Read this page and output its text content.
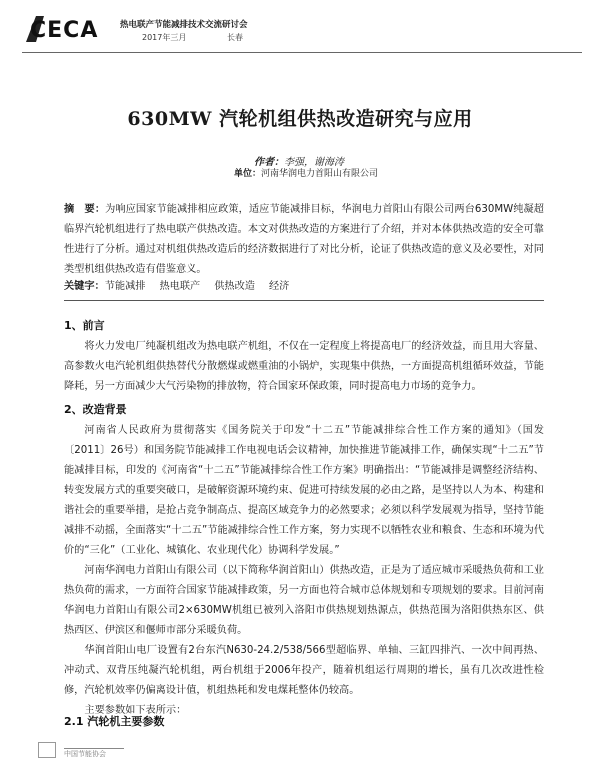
CECA	热电联产节能减排技术交流研讨会
2017年三月	长春
630MW 汽轮机组供热改造研究与应用
作者：李强，谢海涛
单位：河南华润电力首阳山有限公司
摘　要：为响应国家节能减排相应政策，适应节能减排目标，华润电力首阳山有限公司两台630MW纯凝超临界汽轮机组进行了热电联产供热改造。本文对供热改造的方案进行了介绍，并对本体供热改造的安全可靠性进行了分析。通过对机组供热改造后的经济数据进行了对比分析，论证了供热改造的意义及必要性，对同类型机组供热改造有借鉴意义。
关键字：节能减排 热电联产 供热改造 经济
1、前言

将火力发电厂纯凝机组改为热电联产机组，不仅在一定程度上将提高电厂的经济效益，而且用大容量、高参数火电汽轮机组供热替代分散燃煤或燃重油的小锅炉，实现集中供热，一方面提高机组循环效益，节能降耗，另一方面减少大气污染物的排放物，符合国家环保政策，同时提高电力市场的竞争力。

2、改造背景

河南省人民政府为贯彻落实《国务院关于印发“十二五”节能减排综合性工作方案的通知》（国发〔2011〕26号）和国务院节能减排工作电视电话会议精神，加快推进节能减排工作，确保实现“十二五”节能减排目标，印发的《河南省“十二五”节能减排综合性工作方案》明确指出：“节能减排是调整经济结构、转变发展方式的重要突破口，是破解资源环境约束、促进可持续发展的必由之路，是坚持以人为本、构建和谐社会的重要举措，是抢占竞争制高点、提高区域竞争力的必然要求；必须以科学发展观为指导，坚持节能减排不动摇，全面落实“十二五”节能减排综合性工作方案，努力实现不以牺牲农业和粮食、生态和环境为代价的“三化”（工业化、城镇化、农业现代化）协调科学发展。”

河南华润电力首阳山有限公司（以下简称华润首阳山）供热改造，正是为了适应城市采暖热负荷和工业热负荷的需求，一方面符合国家节能减排政策，另一方面也符合城市总体规划和专项规划的要求。目前河南华润电力首阳山有限公司2×630MW机组已被列入洛阳市供热规划热源点，供热范围为洛阳供热东区、供热西区、伊滨区和偃师市部分采暖负荷。

华润首阳山电厂设置有2台东汽N630-24.2/538/566型超临界、单轴、三缸四排汽、一次中间再热、冲动式、双背压纯凝汽轮机组，两台机组于2006年投产，随着机组运行周期的增长，虽有几次改进性检修，汽轮机效率仍偏离设计值，机组热耗和发电煤耗整体仍较高。

主要参数如下表所示：

2.1 汽轮机主要参数
中国节能协会
